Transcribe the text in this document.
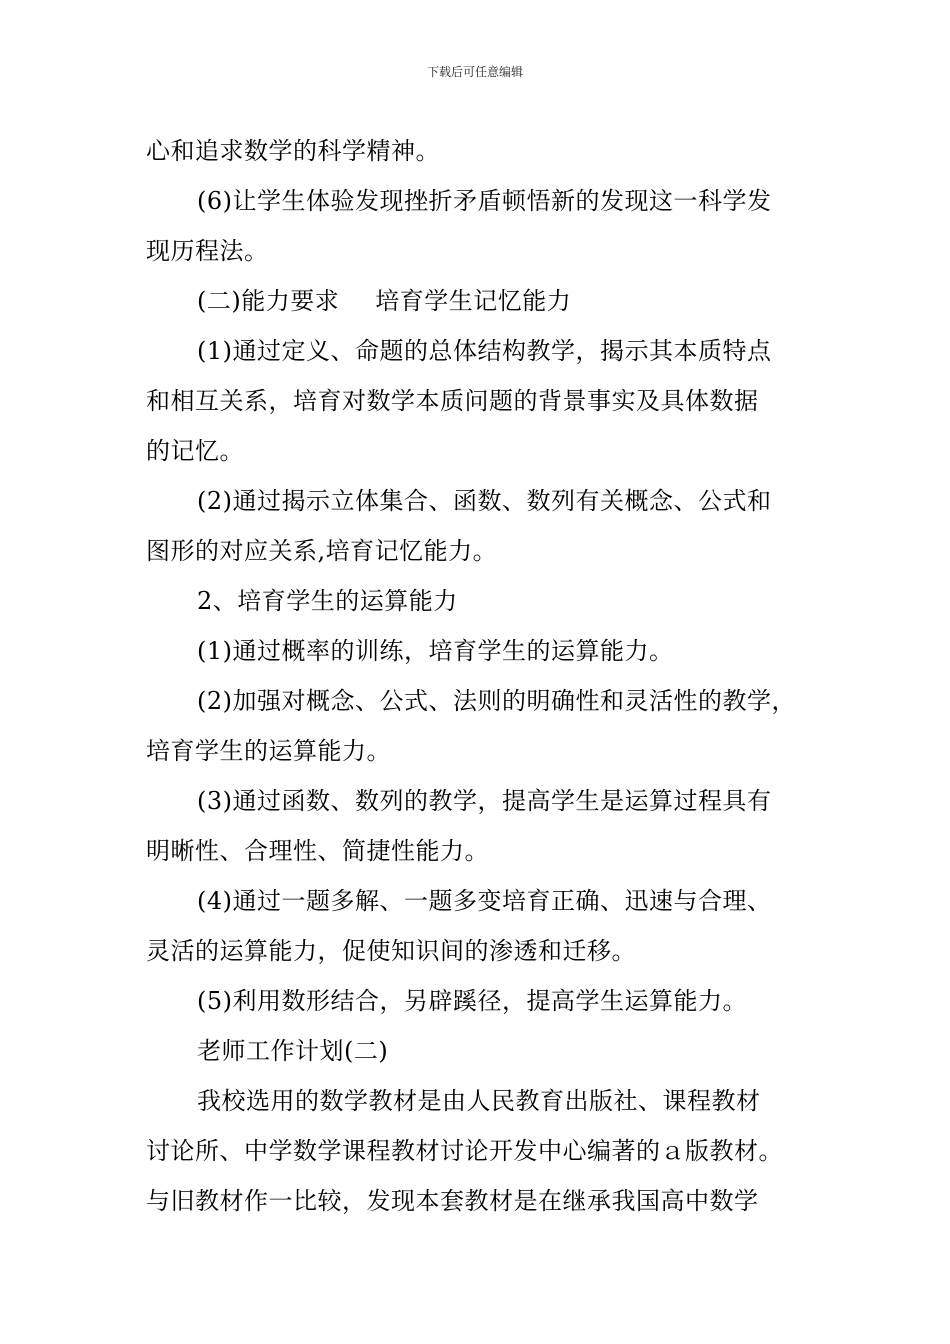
下载后可任意编辑
心和追求数学的科学精神。
(6)让学生体验发现挫折矛盾顿悟新的发现这一科学发
现历程法。
(二)能力要求 培育学生记忆能力
(1)通过定义、命题的总体结构教学，揭示其本质特点
和相互关系，培育对数学本质问题的背景事实及具体数据
的记忆。
(2)通过揭示立体集合、函数、数列有关概念、公式和
图形的对应关系,培育记忆能力。
2、培育学生的运算能力
(1)通过概率的训练，培育学生的运算能力。
(2)加强对概念、公式、法则的明确性和灵活性的教学，
培育学生的运算能力。
(3)通过函数、数列的教学，提高学生是运算过程具有
明晰性、合理性、简捷性能力。
(4)通过一题多解、一题多变培育正确、迅速与合理、
灵活的运算能力，促使知识间的渗透和迁移。
(5)利用数形结合，另辟蹊径，提高学生运算能力。
老师工作计划(二)
我校选用的数学教材是由人民教育出版社、课程教材
讨论所、中学数学课程教材讨论开发中心编著的ａ版教材。
与旧教材作一比较，发现本套教材是在继承我国高中数学
